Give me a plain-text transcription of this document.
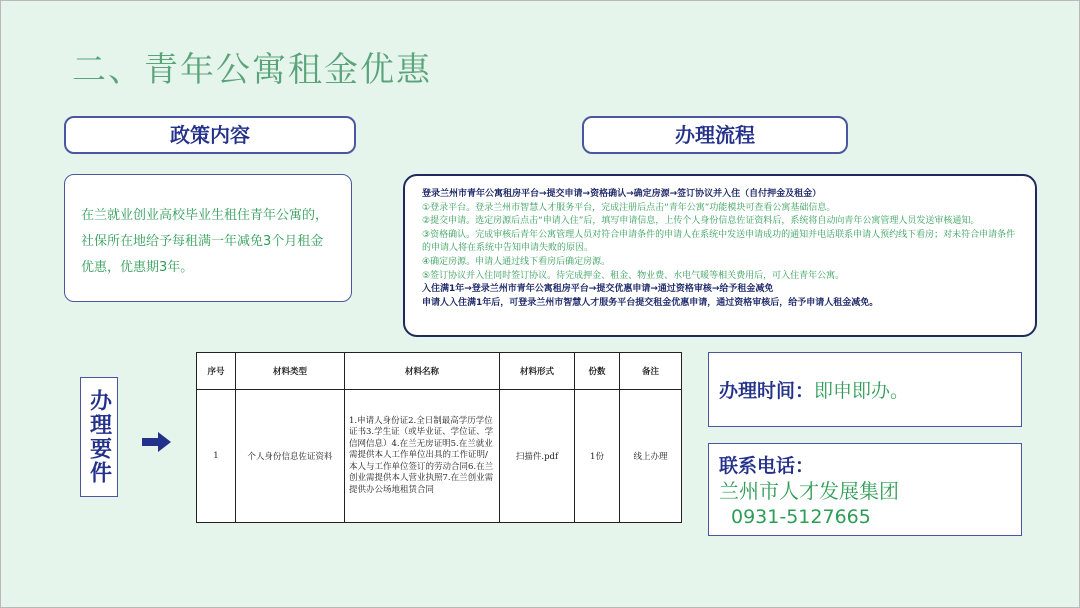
二、青年公寓租金优惠
政策内容	办理流程
在兰就业创业高校毕业生租住青年公寓的，社保所在地给予每租满一年减免3个月租金优惠，优惠期3年。
登录兰州市青年公寓租房平台→提交申请→资格确认→确定房源→签订协议并入住（自付押金及租金）
①登录平台。登录兰州市智慧人才服务平台，完成注册后点击“青年公寓”功能模块可查看公寓基础信息。
②提交申请。选定房源后点击“申请入住”后，填写申请信息，上传个人身份信息佐证资料后，系统将自动向青年公寓管理人员发送审核通知。
③资格确认。完成审核后青年公寓管理人员对符合申请条件的申请人在系统中发送申请成功的通知并电话联系申请人预约线下看房；对未符合申请条件的申请人将在系统中告知申请失败的原因。
④确定房源。申请人通过线下看房后确定房源。
⑤签订协议并入住同时签订协议。待完成押金、租金、物业费、水电气暖等相关费用后，可入住青年公寓。
入住满1年→登录兰州市青年公寓租房平台→提交优惠申请→通过资格审核→给予租金减免
申请人入住满1年后，可登录兰州市智慧人才服务平台提交租金优惠申请，通过资格审核后，给予申请人租金减免。
办理要件
序号	材料类型	材料名称	材料形式	份数	备注
1	个人身份信息佐证资料	1.申请人身份证2.全日制最高学历学位证书3.学生证（或毕业证、学位证、学信网信息）4.在兰无房证明5.在兰就业需提供本人工作单位出具的工作证明/本人与工作单位签订的劳动合同6.在兰创业需提供本人营业执照7.在兰创业需提供办公场地租赁合同	扫描件.pdf	1份	线上办理
办理时间：即申即办。
联系电话：
兰州市人才发展集团
0931-5127665
